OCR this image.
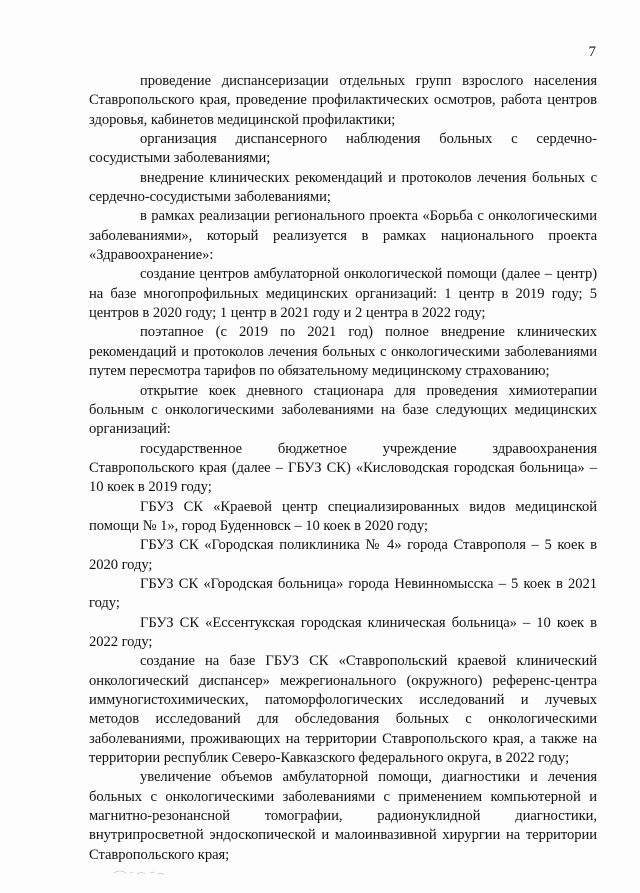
7

проведение диспансеризации отдельных групп взрослого населения Ставропольского края, проведение профилактических осмотров, работа центров здоровья, кабинетов медицинской профилактики;

организация диспансерного наблюдения больных с сердечно-сосудистыми заболеваниями;

внедрение клинических рекомендаций и протоколов лечения больных с сердечно-сосудистыми заболеваниями;

в рамках реализации регионального проекта «Борьба с онкологическими заболеваниями», который реализуется в рамках национального проекта «Здравоохранение»:

создание центров амбулаторной онкологической помощи (далее – центр) на базе многопрофильных медицинских организаций: 1 центр в 2019 году; 5 центров в 2020 году; 1 центр в 2021 году и 2 центра в 2022 году;

поэтапное (с 2019 по 2021 год) полное внедрение клинических рекомендаций и протоколов лечения больных с онкологическими заболеваниями путем пересмотра тарифов по обязательному медицинскому страхованию;

открытие коек дневного стационара для проведения химиотерапии больным с онкологическими заболеваниями на базе следующих медицинских организаций:

государственное бюджетное учреждение здравоохранения Ставропольского края (далее – ГБУЗ СК) «Кисловодская городская больница» – 10 коек в 2019 году;

ГБУЗ СК «Краевой центр специализированных видов медицинской помощи № 1», город Буденновск – 10 коек в 2020 году;

ГБУЗ СК «Городская поликлиника № 4» города Ставрополя – 5 коек в 2020 году;

ГБУЗ СК «Городская больница» города Невинномысска – 5 коек в 2021 году;

ГБУЗ СК «Ессентукская городская клиническая больница» – 10 коек в 2022 году;

создание на базе ГБУЗ СК «Ставропольский краевой клинический онкологический диспансер» межрегионального (окружного) референс-центра иммуногистохимических, патоморфологических исследований и лучевых методов исследований для обследования больных с онкологическими заболеваниями, проживающих на территории Ставропольского края, а также на территории республик Северо-Кавказского федерального округа, в 2022 году;

увеличение объемов амбулаторной помощи, диагностики и лечения больных с онкологическими заболеваниями с применением компьютерной и магнитно-резонансной томографии, радионуклидной диагностики, внутрипросветной эндоскопической и малоинвазивной хирургии на территории Ставропольского края;
